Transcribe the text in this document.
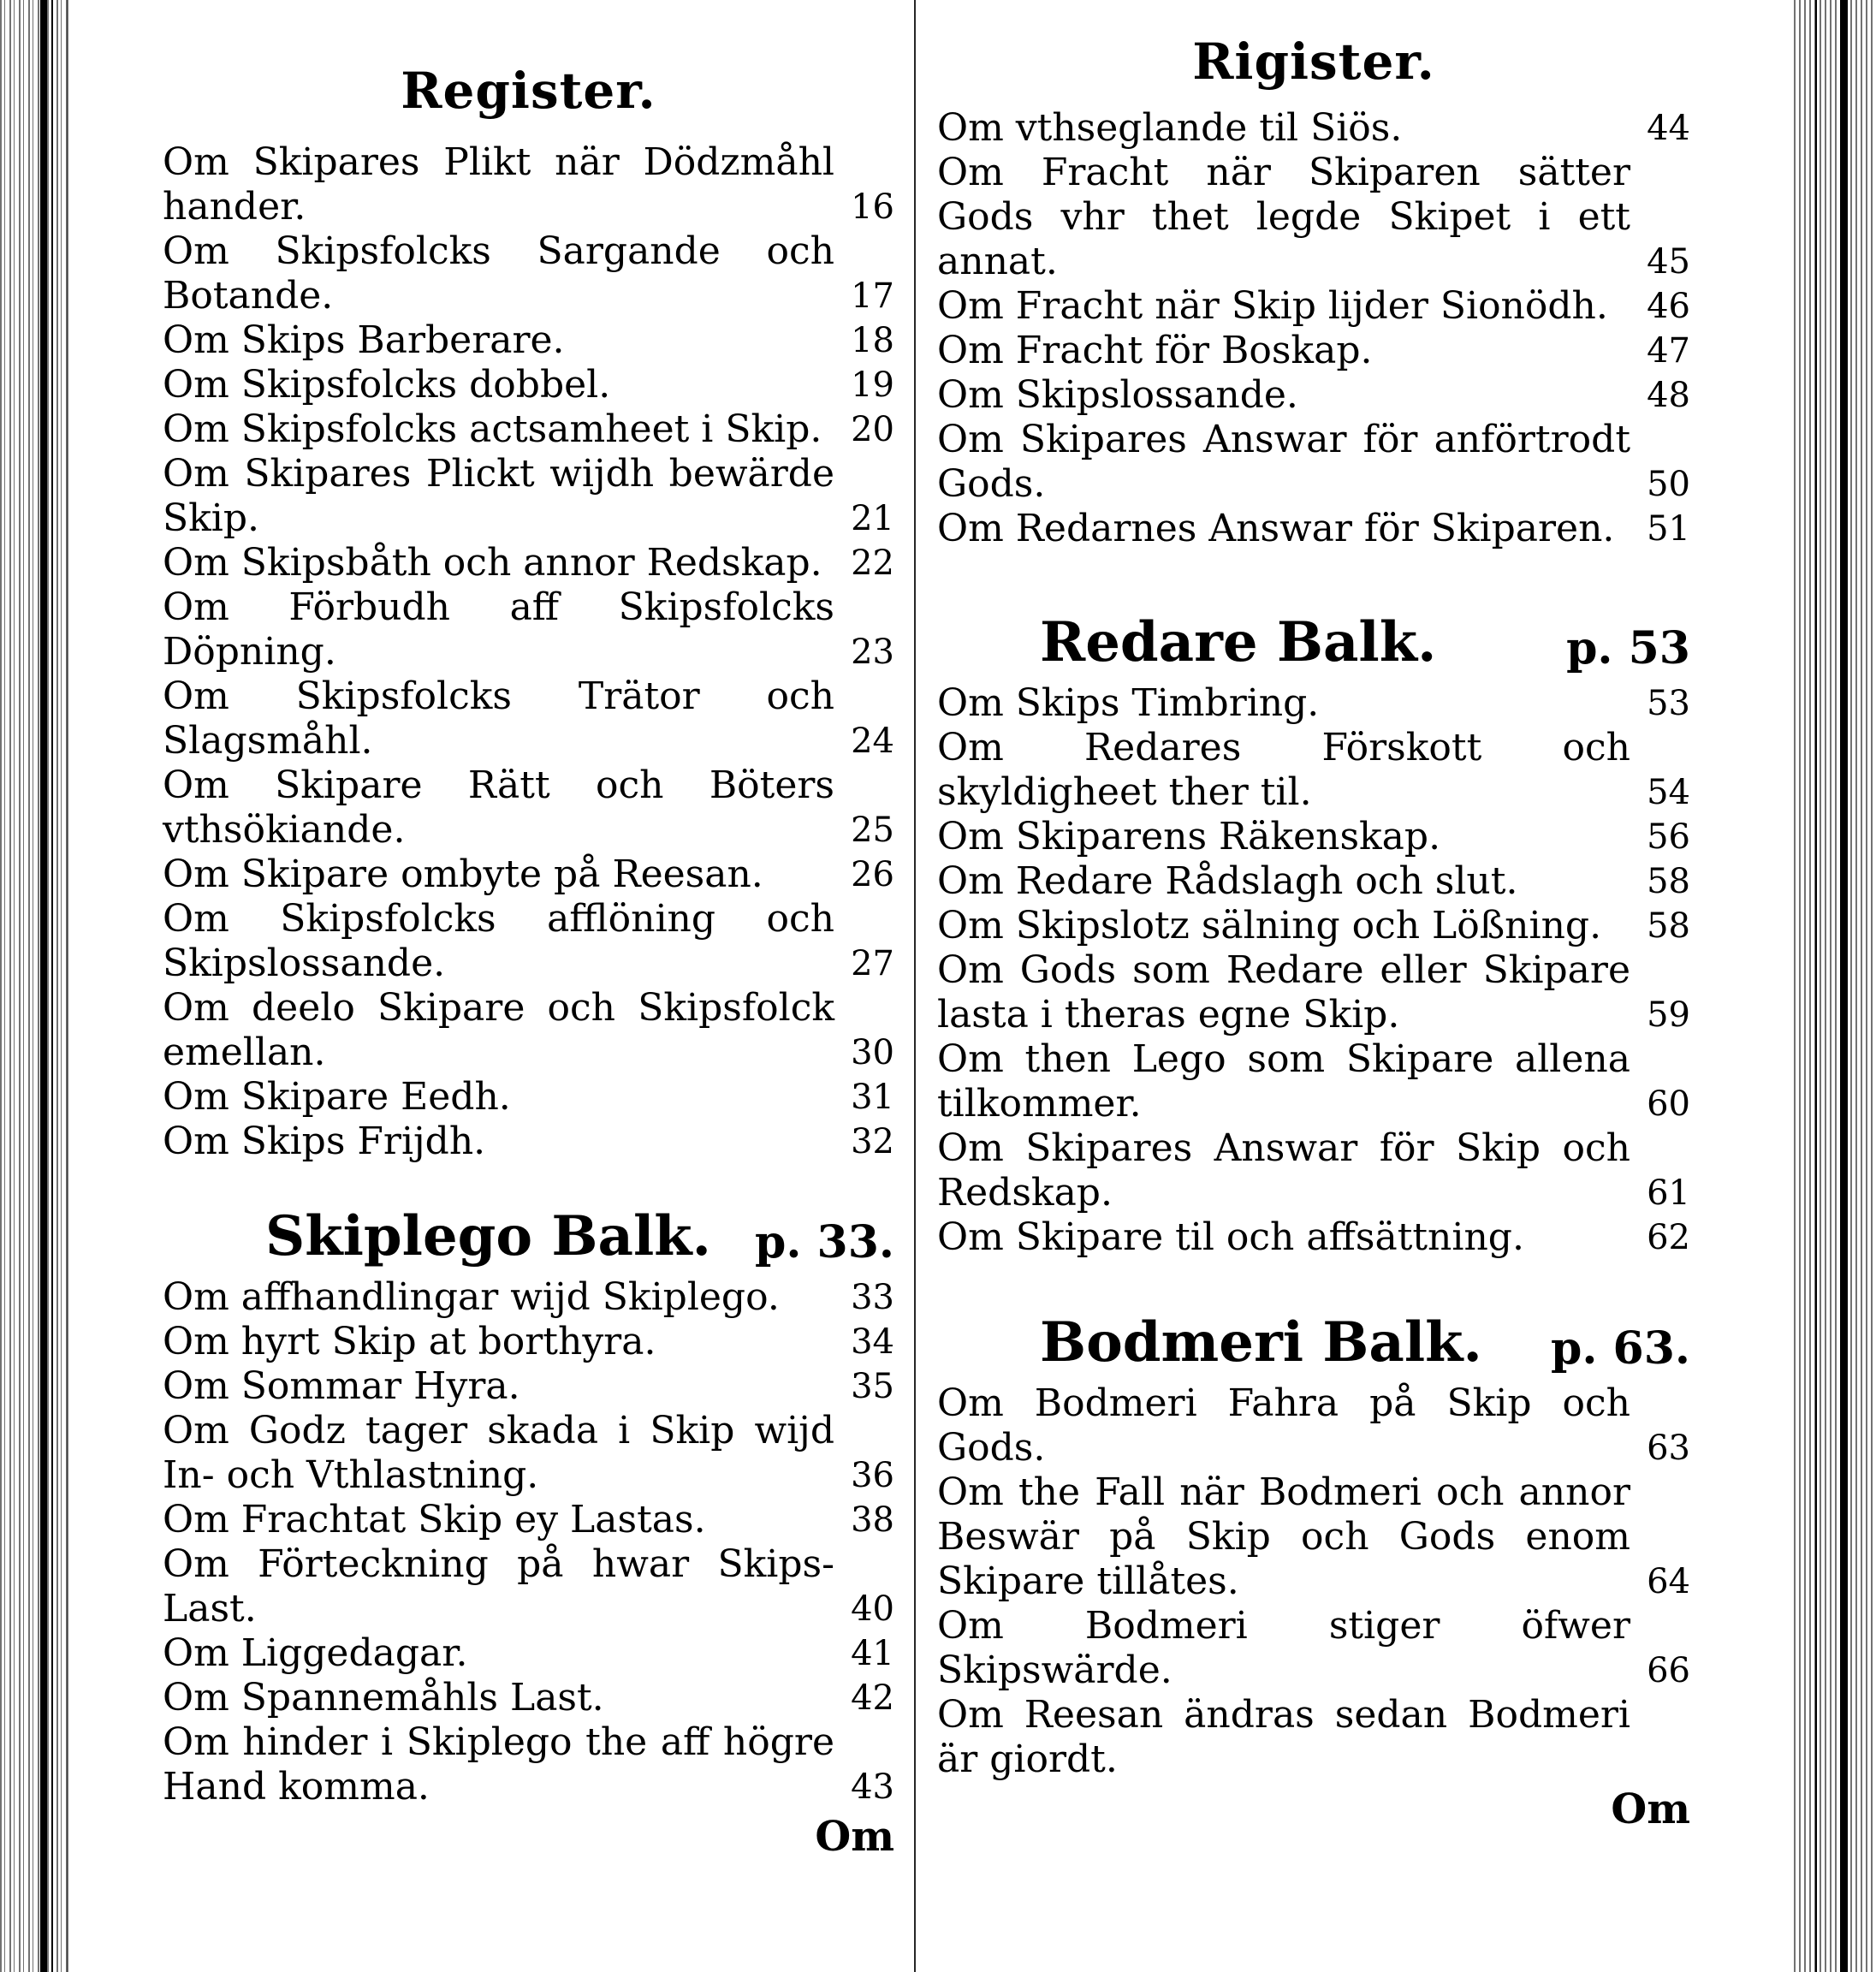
Register.
Om Skipares Plikt när Dödzmåhl hander.	16
Om Skipsfolcks Sargande och Botande.	17
Om Skips Barberare.	18
Om Skipsfolcks dobbel.	19
Om Skipsfolcks actsamheet i Skip. 20
Om Skipares Plickt wijdh bewärde Skip.	21
Om Skipsbåth och annor Redskap. 22
Om Förbudh aff Skipsfolcks Döpning.	23
Om Skipsfolcks Trätor och Slagsmåhl.	24
Om Skipare Rätt och Böters vthsökiande.	25
Om Skipare ombyte på Reesan.	26
Om Skipsfolcks afflöning och Skipslossande.	27
Om deelo Skipare och Skipsfolck emellan.	30
Om Skipare Eedh.	31
Om Skips Frijdh.	32
Skiplego Balk. p. 33.
Om affhandlingar wijd Skiplego.	33
Om hyrt Skip at borthyra.	34
Om Sommar Hyra.	35
Om Godz tager skada i Skip wijd In- och Vthlastning.	36
Om Frachtat Skip ey Lastas.	38
Om Förteckning på hwar Skips-Last.	40
Om Liggedagar.	41
Om Spannemåhls Last.	42
Om hinder i Skiplego the aff högre Hand komma.	43
Om
Rigister.
Om vthseglande til Siös.	44
Om Fracht när Skiparen sätter Gods vhr thet legde Skipet i ett annat.	45
Om Fracht när Skip lijder Sionödh.	46
Om Fracht för Boskap.	47
Om Skipslossande.	48
Om Skipares Answar för anförtrodt Gods.	50
Om Redarnes Answar för Skiparen. 51
Redare Balk.	p. 53
Om Skips Timbring.	53
Om Redares Förskott och skyldigheet ther til.	54
Om Skiparens Räkenskap.	56
Om Redare Rådslagh och slut.	58
Om Skipslotz sälning och Lößning.	58
Om Gods som Redare eller Skipare lasta i theras egne Skip.	59
Om then Lego som Skipare allena tilkommer.	60
Om Skipares Answar för Skip och Redskap.	61
Om Skipare til och affsättning.	62
Bodmeri Balk. p. 63.
Om Bodmeri Fahra på Skip och Gods.	63
Om the Fall när Bodmeri och annor Beswär på Skip och Gods enom Skipare tillåtes.	64
Om Bodmeri stiger öfwer Skipswärde.	66
Om Reesan ändras sedan Bodmeri är giordt.
Om
